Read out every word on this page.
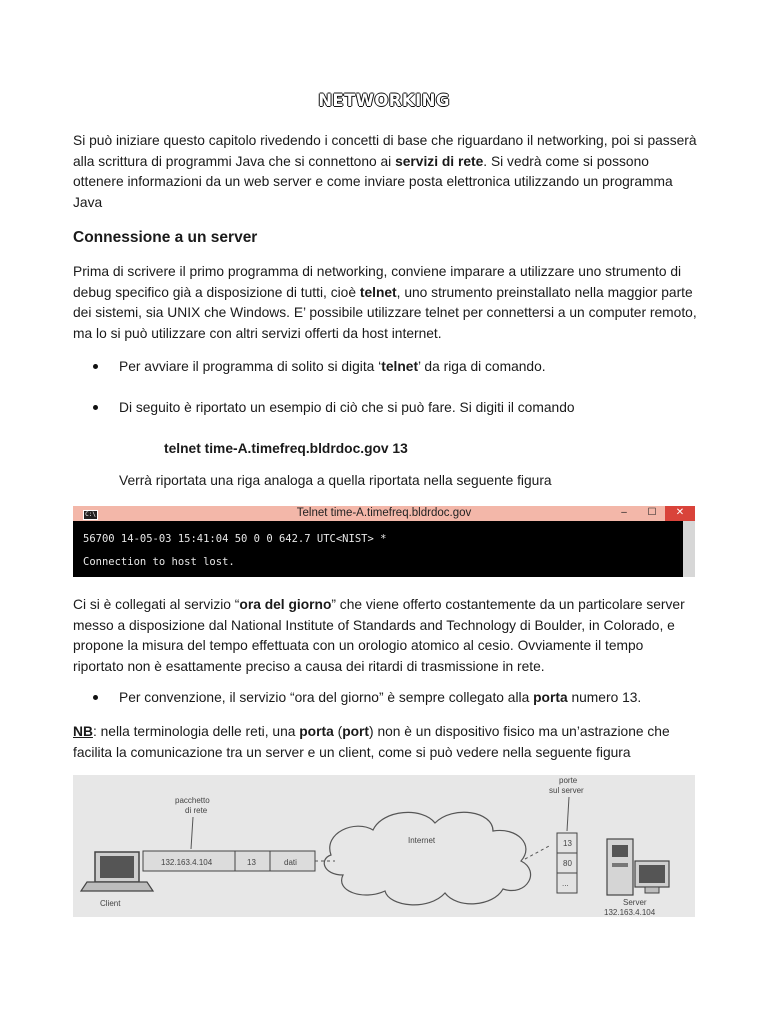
NETWORKING

Si può iniziare questo capitolo rivedendo i concetti di base che riguardano il networking, poi si passerà alla scrittura di programmi Java che si connettono ai servizi di rete. Si vedrà come si possono ottenere informazioni da un web server e come inviare posta elettronica utilizzando un programma Java

Connessione a un server

Prima di scrivere il primo programma di networking, conviene imparare a utilizzare uno strumento di debug specifico già a disposizione di tutti, cioè telnet, uno strumento preinstallato nella maggior parte dei sistemi, sia UNIX che Windows. E’ possibile utilizzare telnet per connettersi a un computer remoto, ma lo si può utilizzare con altri servizi offerti da host internet.

Per avviare il programma di solito si digita ‘telnet’ da riga di comando.
Di seguito è riportato un esempio di ciò che si può fare. Si digiti il comando

telnet time-A.timefreq.bldrdoc.gov 13

Verrà riportata una riga analoga a quella riportata nella seguente figura

C:\	Telnet time-A.timefreq.bldrdoc.gov	–	☐	✕
56700 14-05-03 15:41:04 50 0 0 642.7 UTC<NIST> *
Connection to host lost.

Ci si è collegati al servizio “ora del giorno” che viene offerto costantemente da un particolare server messo a disposizione dal National Institute of Standards and Technology di Boulder, in Colorado, e propone la misura del tempo effettuata con un orologio atomico al cesio. Ovviamente il tempo riportato non è esattamente preciso a causa dei ritardi di trasmissione in rete.

Per convenzione, il servizio “ora del giorno” è sempre collegato alla porta numero 13.

NB: nella terminologia delle reti, una porta (port) non è un dispositivo fisico ma un’astrazione che facilita la comunicazione tra un server e un client, come si può vedere nella seguente figura

Client
132.163.4.104	13	dati
pacchetto
di rete
Internet	13
80
...
porte
sul server
Server
132.163.4.104
